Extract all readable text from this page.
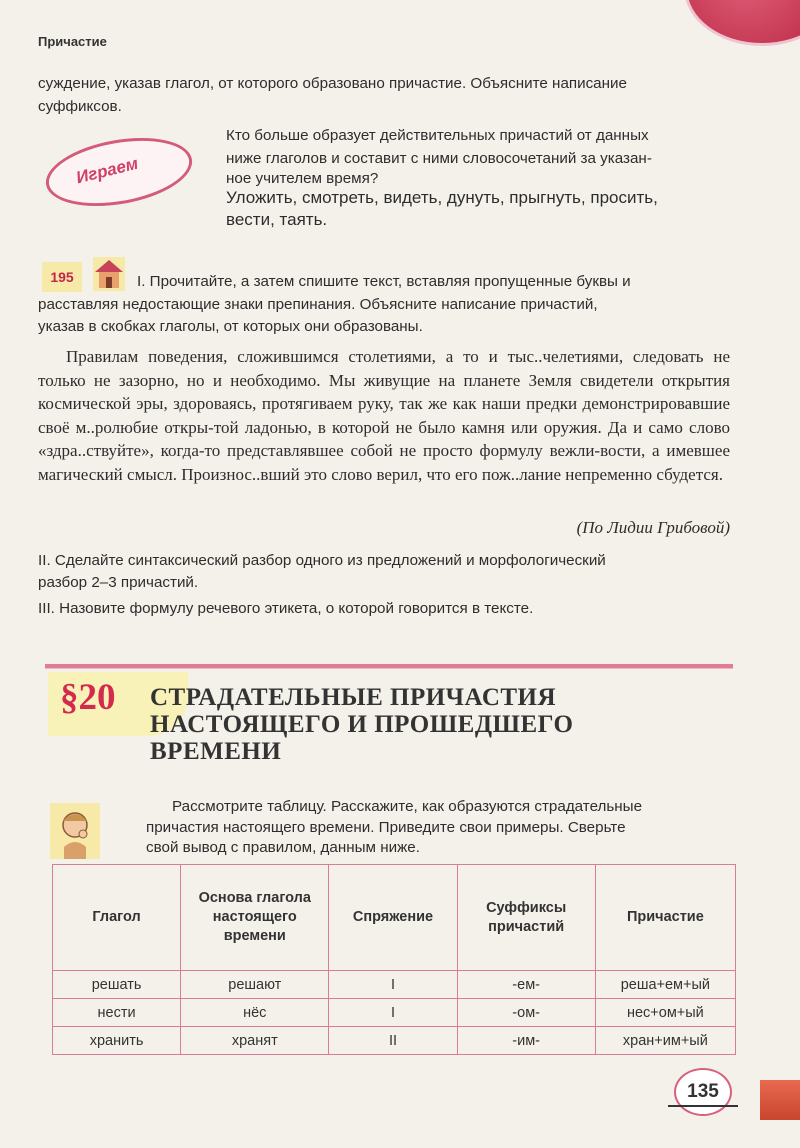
Причастие
суждение, указав глагол, от которого образовано причастие. Объясните написание
суффиксов.
Играем
Кто больше образует действительных причастий от данных
ниже глаголов и составит с ними словосочетаний за указан-
ное учителем время?
Уложить, смотреть, видеть, дунуть, прыгнуть, просить,
вести, таять.
195	I. Прочитайте, а затем спишите текст, вставляя пропущенные буквы и
расставляя недостающие знаки препинания. Объясните написание причастий,
указав в скобках глаголы, от которых они образованы.
Правилам поведения, сложившимся столетиями, а то и тыс..челетиями, следовать не только не зазорно, но и необходимо. Мы живущие на планете Земля свидетели открытия космической эры, здороваясь, протягиваем руку, так же как наши предки демонстрировавшие своё м..ролюбие откры-той ладонью, в которой не было камня или оружия. Да и само слово «здра..ствуйте», когда-то представлявшее собой не просто формулу вежли-вости, а имевшее магический смысл. Произнос..вший это слово верил, что его пож..лание непременно сбудется.
(По Лидии Грибовой)
II. Сделайте синтаксический разбор одного из предложений и морфологический
разбор 2–3 причастий.
III. Назовите формулу речевого этикета, о которой говорится в тексте.
§20 СТРАДАТЕЛЬНЫЕ ПРИЧАСТИЯ
НАСТОЯЩЕГО И ПРОШЕДШЕГО
ВРЕМЕНИ
Рассмотрите таблицу. Расскажите, как образуются страдательные
причастия настоящего времени. Приведите свои примеры. Сверьте
свой вывод с правилом, данным ниже.
Глагол	Основа глагола настоящего времени	Спряжение	Суффиксы причастий	Причастие
решать	решают	I	-ем-	реша+ем+ый
нести	нёс	I	-ом-	нес+ом+ый
хранить	хранят	II	-им-	хран+им+ый
135
